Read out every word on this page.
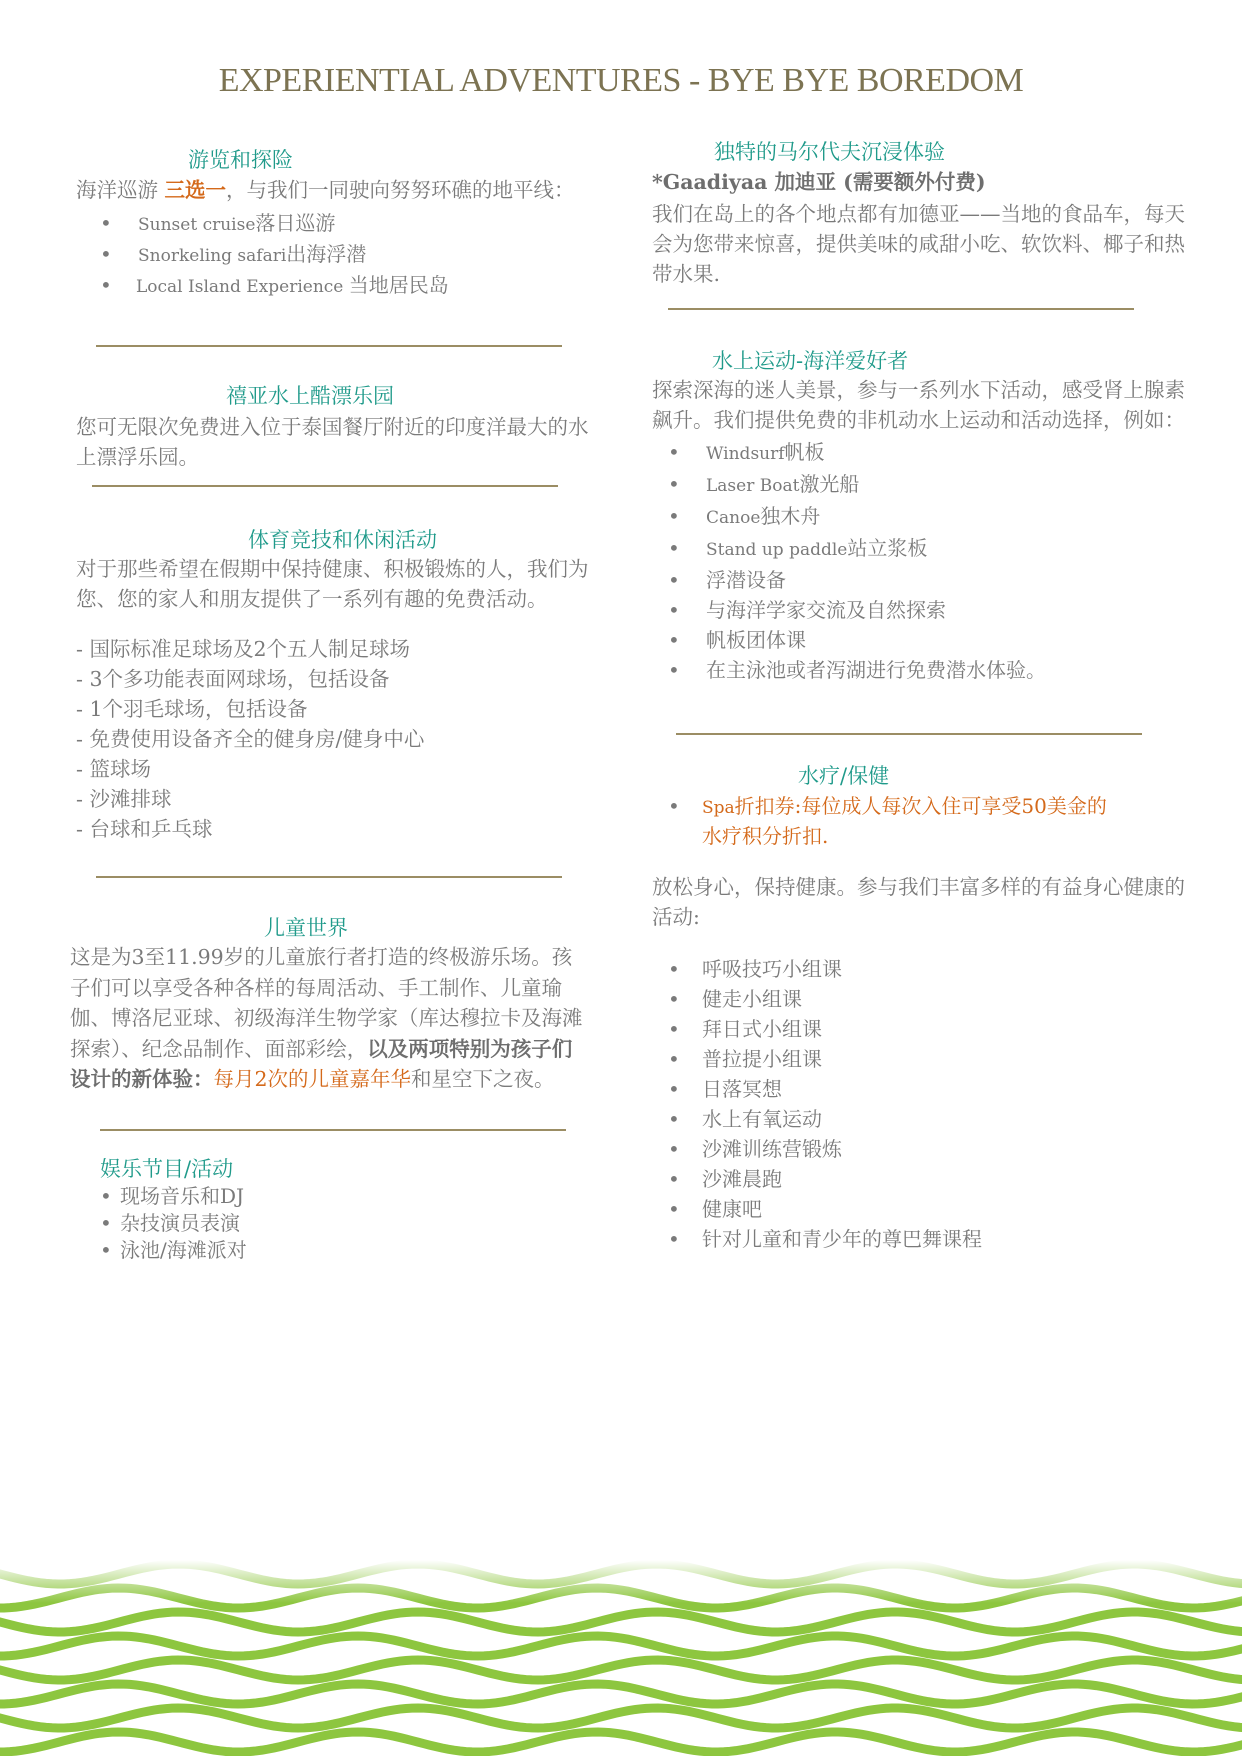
EXPERIENTIAL ADVENTURES - BYE BYE BOREDOM
游览和探险
海洋巡游 三选一，与我们一同驶向努努环礁的地平线：
• Sunset cruise落日巡游
• Snorkeling safari出海浮潜
• Local Island Experience 当地居民岛
禧亚水上酷漂乐园
您可无限次免费进入位于泰国餐厅附近的印度洋最大的水上漂浮乐园。
体育竞技和休闲活动
对于那些希望在假期中保持健康、积极锻炼的人，我们为您、您的家人和朋友提供了一系列有趣的免费活动。
- 国际标准足球场及2个五人制足球场
- 3个多功能表面网球场，包括设备
- 1个羽毛球场，包括设备
- 免费使用设备齐全的健身房/健身中心
- 篮球场
- 沙滩排球
- 台球和乒乓球
儿童世界
这是为3至11.99岁的儿童旅行者打造的终极游乐场。孩子们可以享受各种各样的每周活动、手工制作、儿童瑜伽、博洛尼亚球、初级海洋生物学家（库达穆拉卡及海滩探索）、纪念品制作、面部彩绘，以及两项特别为孩子们设计的新体验：每月2次的儿童嘉年华和星空下之夜。
娱乐节目/活动
• 现场音乐和DJ
• 杂技演员表演
• 泳池/海滩派对
独特的马尔代夫沉浸体验
*Gaadiyaa 加迪亚 (需要额外付费)
我们在岛上的各个地点都有加德亚——当地的食品车，每天会为您带来惊喜，提供美味的咸甜小吃、软饮料、椰子和热带水果.
水上运动-海洋爱好者
探索深海的迷人美景，参与一系列水下活动，感受肾上腺素飙升。我们提供免费的非机动水上运动和活动选择，例如：
• Windsurf帆板
• Laser Boat激光船
• Canoe独木舟
• Stand up paddle站立浆板
• 浮潜设备
• 与海洋学家交流及自然探索
• 帆板团体课
• 在主泳池或者泻湖进行免费潜水体验。
水疗/保健
• Spa折扣券:每位成人每次入住可享受50美金的水疗积分折扣.
放松身心，保持健康。参与我们丰富多样的有益身心健康的活动:
• 呼吸技巧小组课
• 健走小组课
• 拜日式小组课
• 普拉提小组课
• 日落冥想
• 水上有氧运动
• 沙滩训练营锻炼
• 沙滩晨跑
• 健康吧
• 针对儿童和青少年的尊巴舞课程
